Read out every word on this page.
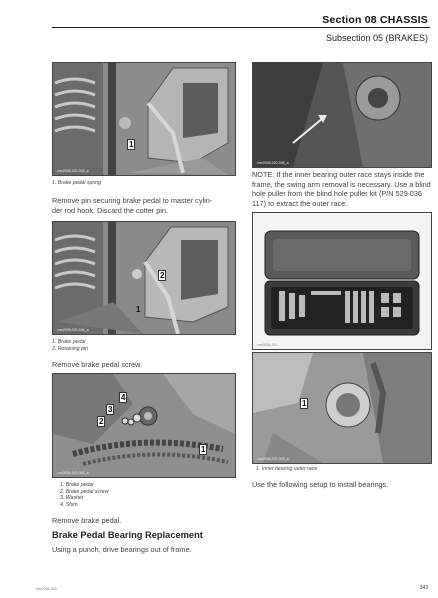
Section 08 CHASSIS
Subsection 05 (BRAKES)
1
vmr2006-020-005_a
1. Brake pedal spring
Remove pin securing brake pedal to master cylin-
der rod hook. Discard the cotter pin.
2
1
vmr2006-020-006_a
1. Brake pedal
2. Retaining pin
Remove brake pedal screw.
4
3
2
1
vmr2006-020-007_a
1. Brake pedal
2. Brake pedal screw
3. Washer
4. Shim
Remove brake pedal.
Brake Pedal Bearing Replacement
Using a punch, drive bearings out of frame.
vmr2006-020-008_a
NOTE: If the inner bearing outer race stays inside the frame, the swing arm removal is necessary. Use a blind hole puller from the blind hole puller kit (P/N 529 036 117) to extract the outer race.
vmr2006-011
1
vmr2006-020-009_a
1. Inner bearing outer race
Use the following setup to install bearings.
vmr2006-020	343
